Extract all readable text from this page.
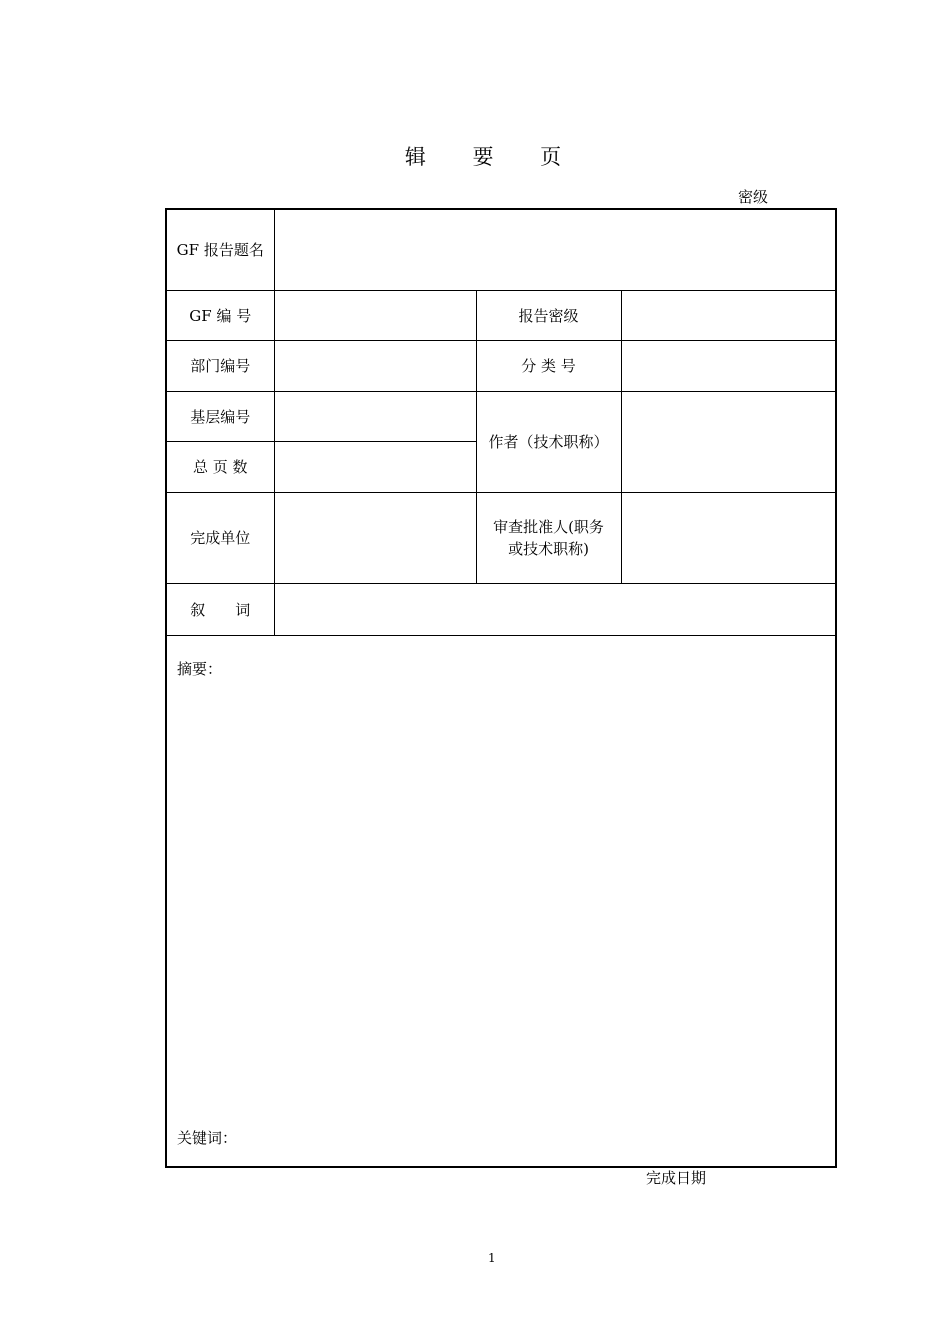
辑 要 页
密级
GF 报告题名			
GF 编 号		报告密级	
部门编号		分 类 号	
基层编号		作者（技术职称）	
总 页 数			
完成单位		审查批准人(职务
或技术职称)	

叙　　词			

摘要：
关键词：			
完成日期
1
